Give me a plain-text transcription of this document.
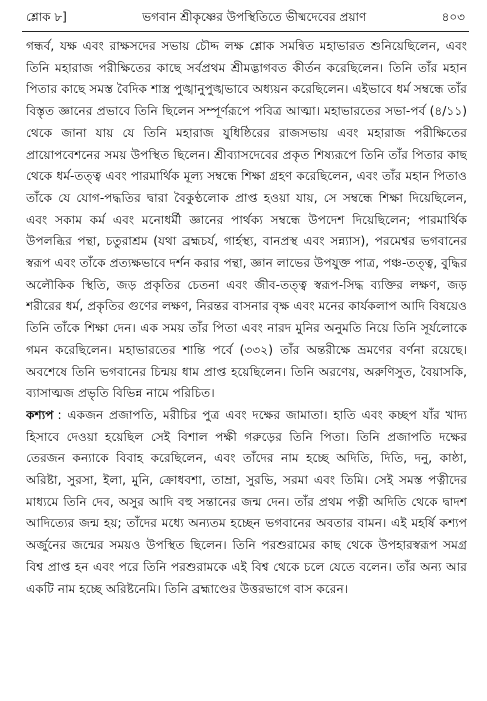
শ্লোক ৮]	ভগবান শ্রীকৃষ্ণের উপস্থিতিতে ভীষ্মদেবের প্রয়াণ	৪০৩

গন্ধর্ব, যক্ষ এবং রাক্ষসদের সভায় চৌদ্দ লক্ষ শ্লোক সমন্বিত মহাভারত শুনিয়েছিলেন, এবং তিনি মহারাজ পরীক্ষিতের কাছে সর্বপ্রথম শ্রীমদ্ভাগবত কীর্তন করেছিলেন। তিনি তাঁর মহান পিতার কাছে সমস্ত বৈদিক শাস্ত্র পুঙ্খানুপুঙ্খভাবে অধ্যয়ন করেছিলেন। এইভাবে ধর্ম সম্বন্ধে তাঁর বিস্তৃত জ্ঞানের প্রভাবে তিনি ছিলেন সম্পূর্ণরূপে পবিত্র আত্মা। মহাভারতের সভা-পর্ব (৪/১১) থেকে জানা যায় যে তিনি মহারাজ যুধিষ্ঠিরের রাজসভায় এবং মহারাজ পরীক্ষিতের প্রায়োপবেশনের সময় উপস্থিত ছিলেন। শ্রীব্যাসদেবের প্রকৃত শিষ্যরূপে তিনি তাঁর পিতার কাছ থেকে ধর্ম-তত্ত্ব এবং পারমার্থিক মূল্য সম্বন্ধে শিক্ষা গ্রহণ করেছিলেন, এবং তাঁর মহান পিতাও তাঁকে যে যোগ-পদ্ধতির দ্বারা বৈকুণ্ঠলোক প্রাপ্ত হওয়া যায়, সে সম্বন্ধে শিক্ষা দিয়েছিলেন, এবং সকাম কর্ম এবং মনোধর্মী জ্ঞানের পার্থক্য সম্বন্ধে উপদেশ দিয়েছিলেন; পারমার্থিক উপলব্ধির পন্থা, চতুরাশ্রম (যথা ব্রহ্মচর্য, গার্হস্থ্য, বানপ্রস্থ এবং সন্ন্যাস), পরমেশ্বর ভগবানের স্বরূপ এবং তাঁকে প্রত্যক্ষভাবে দর্শন করার পন্থা, জ্ঞান লাভের উপযুক্ত পাত্র, পঞ্চ-তত্ত্ব, বুদ্ধির অলৌকিক স্থিতি, জড় প্রকৃতির চেতনা এবং জীব-তত্ত্ব স্বরূপ-সিদ্ধ ব্যক্তির লক্ষণ, জড় শরীরের ধর্ম, প্রকৃতির গুণের লক্ষণ, নিরন্তর বাসনার বৃক্ষ এবং মনের কার্যকলাপ আদি বিষয়েও তিনি তাঁকে শিক্ষা দেন। এক সময় তাঁর পিতা এবং নারদ মুনির অনুমতি নিয়ে তিনি সূর্যলোকে গমন করেছিলেন। মহাভারতের শান্তি পর্বে (৩৩২) তাঁর অন্তরীক্ষে ভ্রমণের বর্ণনা রয়েছে। অবশেষে তিনি ভগবানের চিন্ময় ধাম প্রাপ্ত হয়েছিলেন। তিনি অরণেয়, অরুণিসুত, বৈয়াসকি, ব্যাসাত্মজ প্রভৃতি বিভিন্ন নামে পরিচিত।

কশ্যপ : একজন প্রজাপতি, মরীচির পুত্র এবং দক্ষের জামাতা। হাতি এবং কচ্ছপ যাঁর খাদ্য হিসাবে দেওয়া হয়েছিল সেই বিশাল পক্ষী গরুড়ের তিনি পিতা। তিনি প্রজাপতি দক্ষের তেরজন কন্যাকে বিবাহ করেছিলেন, এবং তাঁদের নাম হচ্ছে অদিতি, দিতি, দনু, কাষ্ঠা, অরিষ্টা, সুরসা, ইলা, মুনি, ক্রোধবশা, তাম্রা, সুরভি, সরমা এবং তিমি। সেই সমস্ত পত্নীদের মাধ্যমে তিনি দেব, অসুর আদি বহু সন্তানের জন্ম দেন। তাঁর প্রথম পত্নী অদিতি থেকে দ্বাদশ আদিত্যের জন্ম হয়; তাঁদের মধ্যে অন্যতম হচ্ছেন ভগবানের অবতার বামন। এই মহর্ষি কশ্যপ অর্জুনের জন্মের সময়ও উপস্থিত ছিলেন। তিনি পরশুরামের কাছ থেকে উপহারস্বরূপ সমগ্র বিশ্ব প্রাপ্ত হন এবং পরে তিনি পরশুরামকে এই বিশ্ব থেকে চলে যেতে বলেন। তাঁর অন্য আর একটি নাম হচ্ছে অরিষ্টনেমি। তিনি ব্রহ্মাণ্ডের উত্তরভাগে বাস করেন।
